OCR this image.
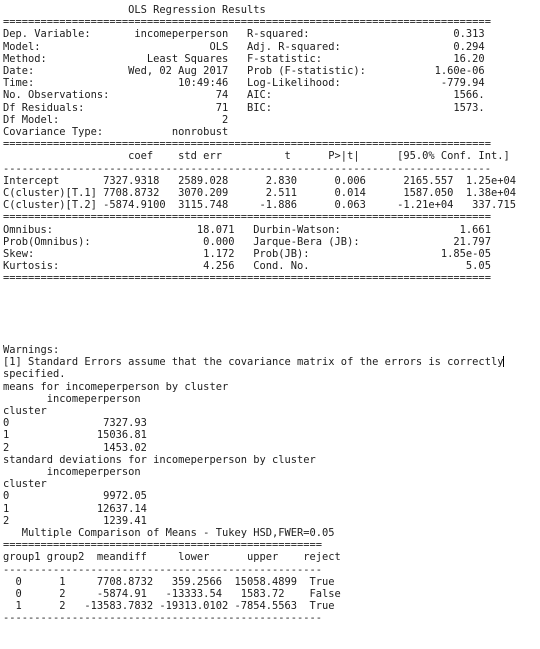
OLS Regression Results
==============================================================================
Dep. Variable:       incomeperperson   R-squared:                       0.313
Model:                           OLS   Adj. R-squared:                  0.294
Method:                Least Squares   F-statistic:                     16.20
Date:               Wed, 02 Aug 2017   Prob (F-statistic):           1.60e-06
Time:                       10:49:46   Log-Likelihood:                -779.94
No. Observations:                 74   AIC:                             1566.
Df Residuals:                     71   BIC:                             1573.
Df Model:                          2
Covariance Type:           nonrobust
==============================================================================
coef    std err          t      P>|t|      [95.0% Conf. Int.]
------------------------------------------------------------------------------
Intercept       7327.9318   2589.028      2.830      0.006      2165.557  1.25e+04
C(cluster)[T.1] 7708.8732   3070.209      2.511      0.014      1587.050  1.38e+04
C(cluster)[T.2] -5874.9100  3115.748     -1.886      0.063     -1.21e+04   337.715
==============================================================================
Omnibus:                       18.071   Durbin-Watson:                   1.661
Prob(Omnibus):                  0.000   Jarque-Bera (JB):               21.797
Skew:                           1.172   Prob(JB):                     1.85e-05
Kurtosis:                       4.256   Cond. No.                         5.05
==============================================================================
Warnings:
[1] Standard Errors assume that the covariance matrix of the errors is correctly
specified.
means for incomeperperson by cluster
incomeperperson
cluster
0               7327.93
1              15036.81
2               1453.02
standard deviations for incomeperperson by cluster
incomeperperson
cluster
0               9972.05
1              12637.14
2               1239.41
Multiple Comparison of Means - Tukey HSD,FWER=0.05
===================================================
group1 group2  meandiff     lower      upper    reject
---------------------------------------------------
0      1     7708.8732   359.2566  15058.4899  True
0      2     -5874.91   -13333.54   1583.72    False
1      2   -13583.7832 -19313.0102 -7854.5563  True
---------------------------------------------------
